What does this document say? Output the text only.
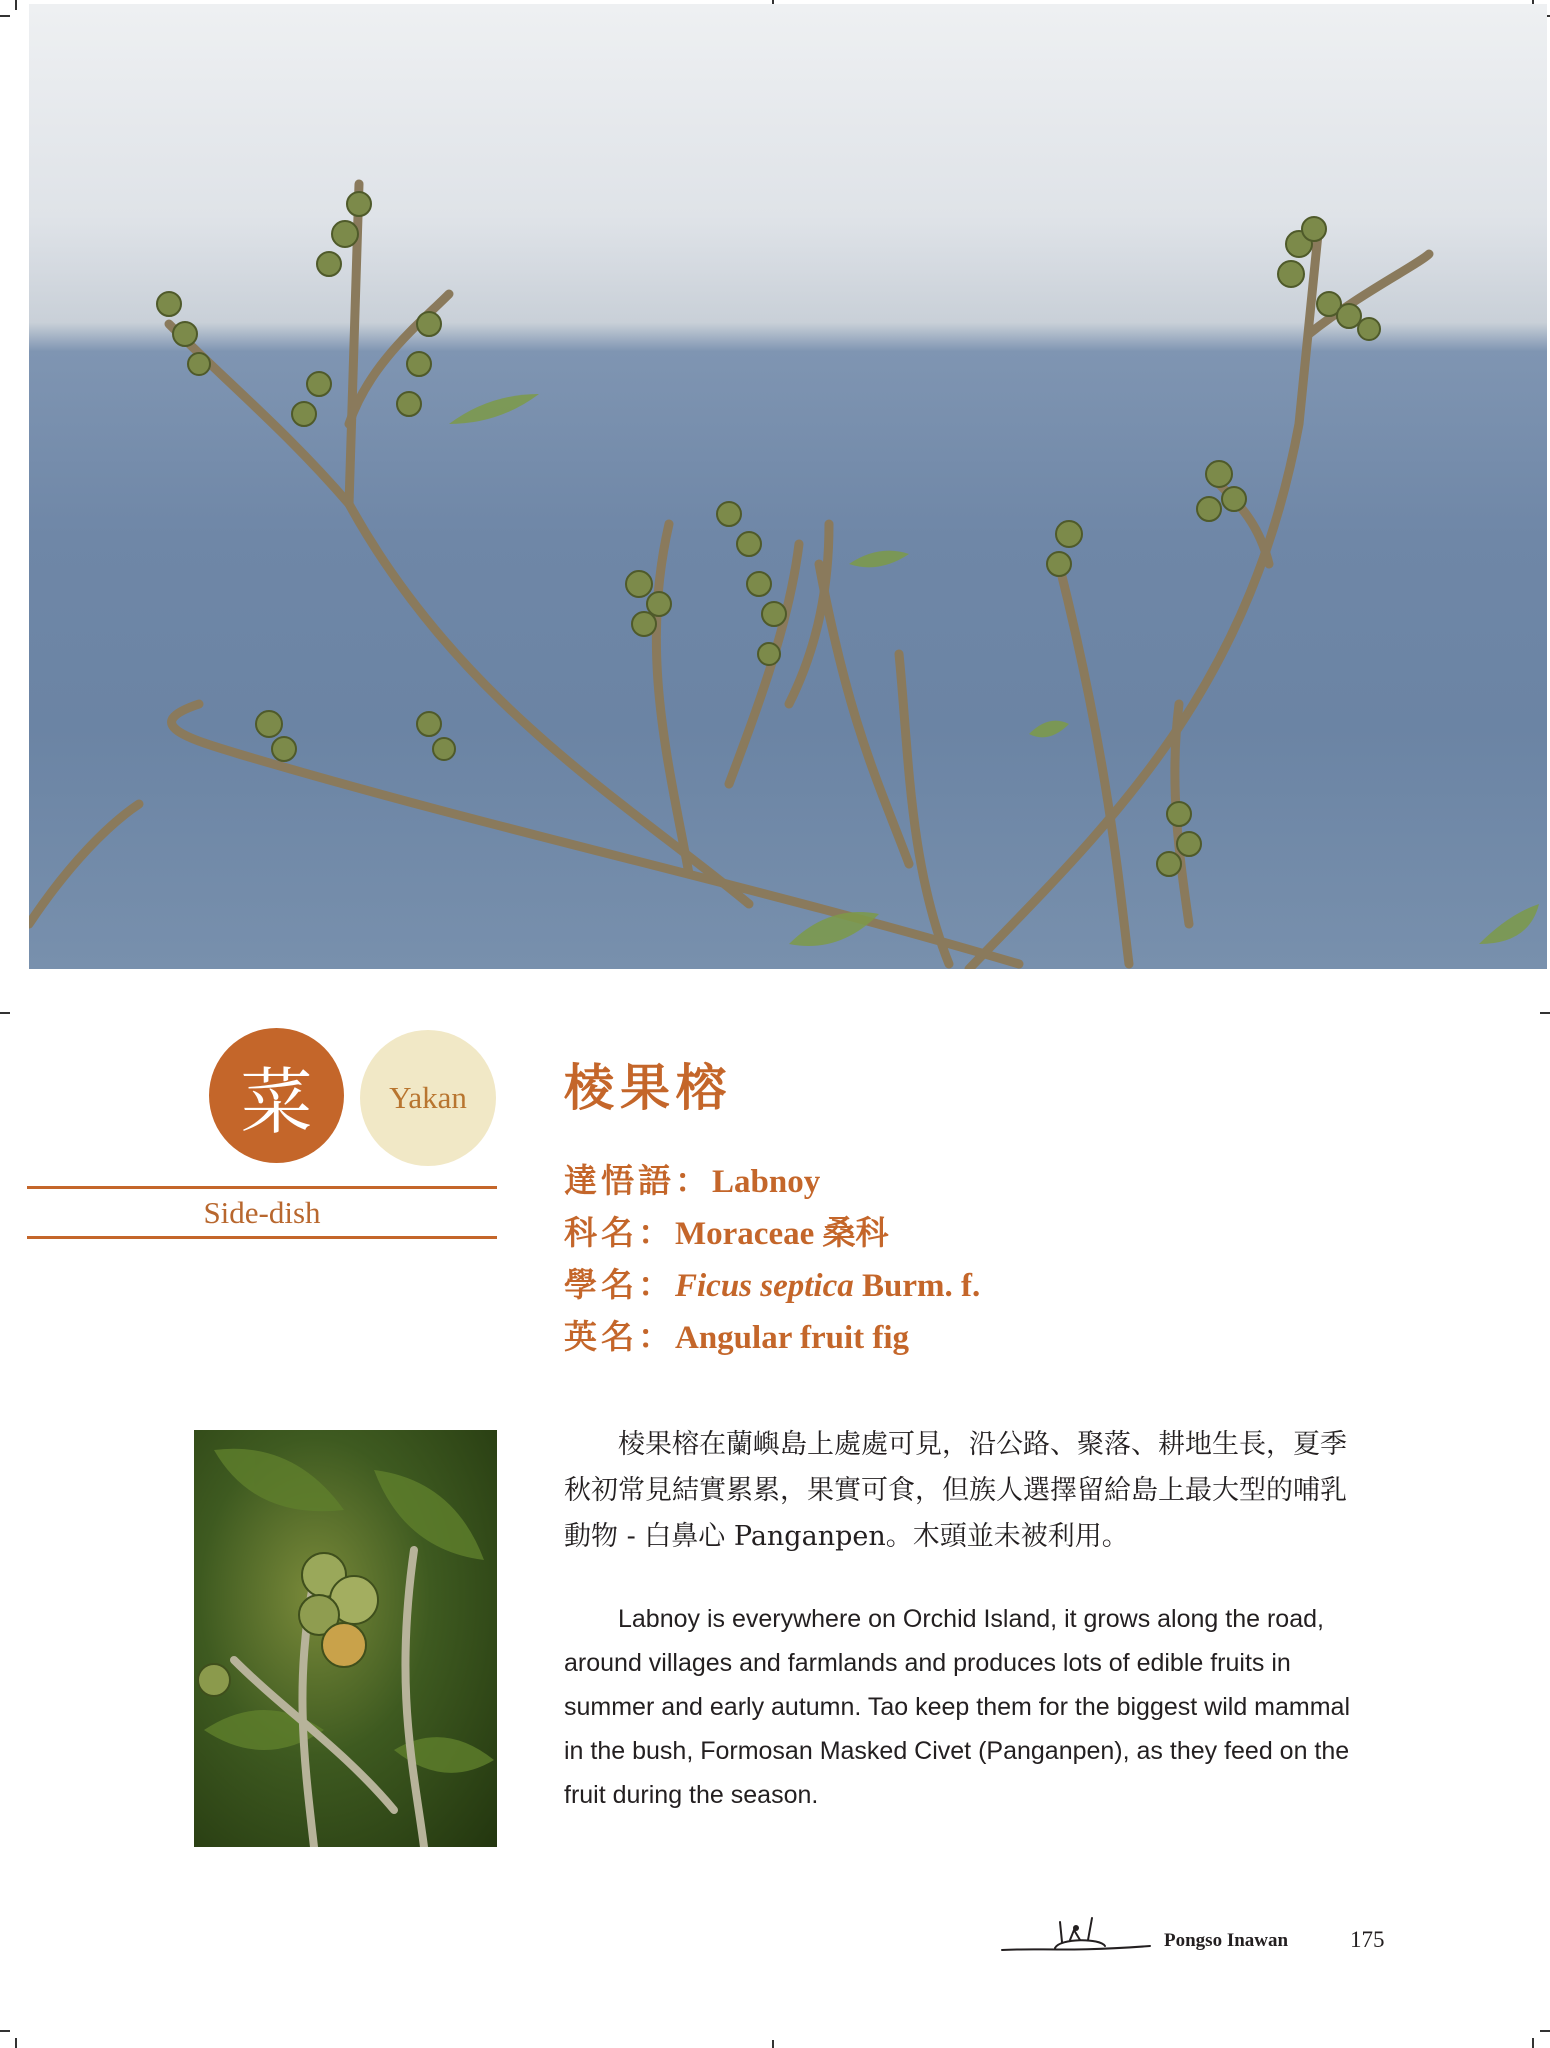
菜 Yakan
Side-dish
棱果榕
達悟語：Labnoy
科名：Moraceae 桑科
學名：Ficus septica Burm. f.
英名：Angular fruit fig

棱果榕在蘭嶼島上處處可見，沿公路、聚落、耕地生長，夏季秋初常見結實累累，果實可食，但族人選擇留給島上最大型的哺乳動物 - 白鼻心 Panganpen。木頭並未被利用。

Labnoy is everywhere on Orchid Island, it grows along the road, around villages and farmlands and produces lots of edible fruits in summer and early autumn. Tao keep them for the biggest wild mammal in the bush, Formosan Masked Civet (Panganpen), as they feed on the fruit during the season.

Pongso Inawan	175
